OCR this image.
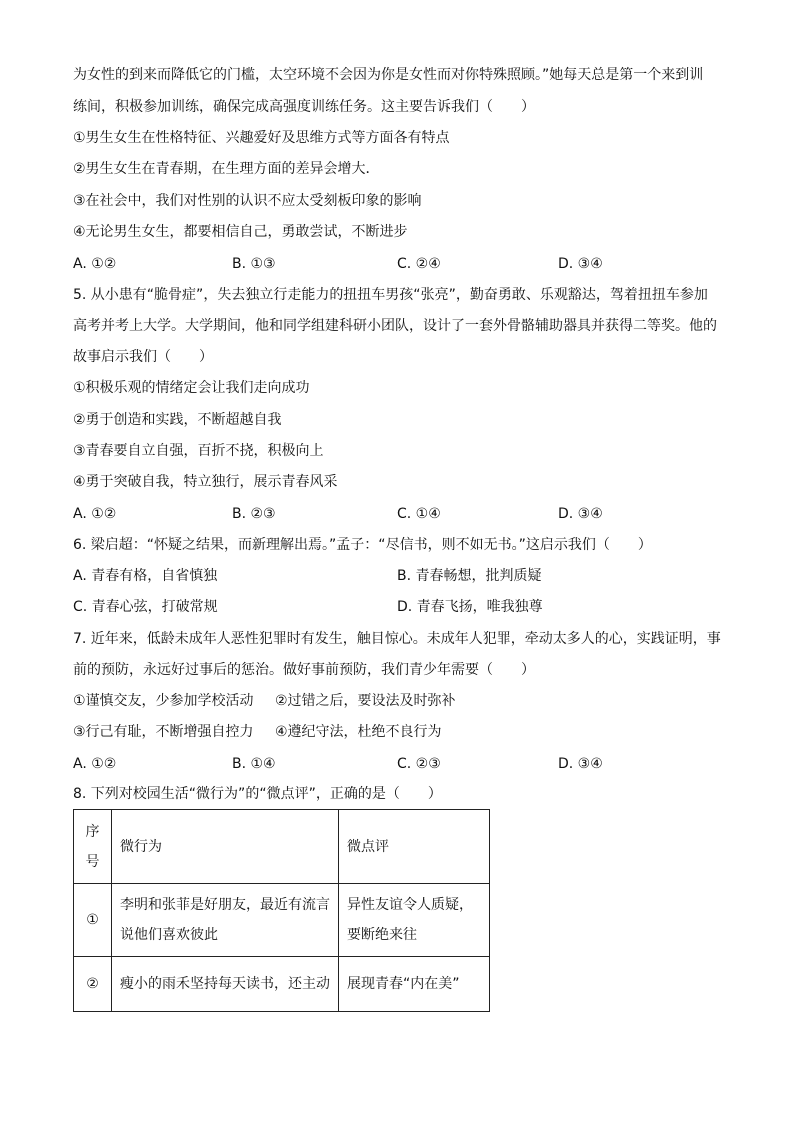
为女性的到来而降低它的门槛，太空环境不会因为你是女性而对你特殊照顾。”她每天总是第一个来到训
练间，积极参加训练，确保完成高强度训练任务。这主要告诉我们（　　）
①男生女生在性格特征、兴趣爱好及思维方式等方面各有特点
②男生女生在青春期，在生理方面的差异会增大．
③在社会中，我们对性别的认识不应太受刻板印象的影响
④无论男生女生，都要相信自己，勇敢尝试，不断进步
A. ①②	B. ①③	C. ②④	D. ③④
5. 从小患有“脆骨症”，失去独立行走能力的扭扭车男孩“张亮”，勤奋勇敢、乐观豁达，驾着扭扭车参加
高考并考上大学。大学期间，他和同学组建科研小团队，设计了一套外骨骼辅助器具并获得二等奖。他的
故事启示我们（　　）
①积极乐观的情绪定会让我们走向成功
②勇于创造和实践，不断超越自我
③青春要自立自强，百折不挠，积极向上
④勇于突破自我，特立独行，展示青春风采
A. ①②	B. ②③	C. ①④	D. ③④
6. 梁启超：“怀疑之结果，而新理解出焉。”孟子：“尽信书，则不如无书。”这启示我们（　　）
A. 青春有格，自省慎独	B. 青春畅想，批判质疑
C. 青春心弦，打破常规	D. 青春飞扬，唯我独尊
7. 近年来，低龄未成年人恶性犯罪时有发生，触目惊心。未成年人犯罪，牵动太多人的心，实践证明，事
前的预防，永远好过事后的惩治。做好事前预防，我们青少年需要（　　）
①谨慎交友，少参加学校活动 ②过错之后，要设法及时弥补
③行己有耻，不断增强自控力 ④遵纪守法，杜绝不良行为
A. ①②	B. ①④	C. ②③	D. ③④
8. 下列对校园生活“微行为”的“微点评”，正确的是（　　）
序号	微行为	微点评
①	李明和张菲是好朋友，最近有流言说他们喜欢彼此	异性友谊令人质疑，要断绝来往
②	瘦小的雨禾坚持每天读书，还主动	展现青春“内在美”
